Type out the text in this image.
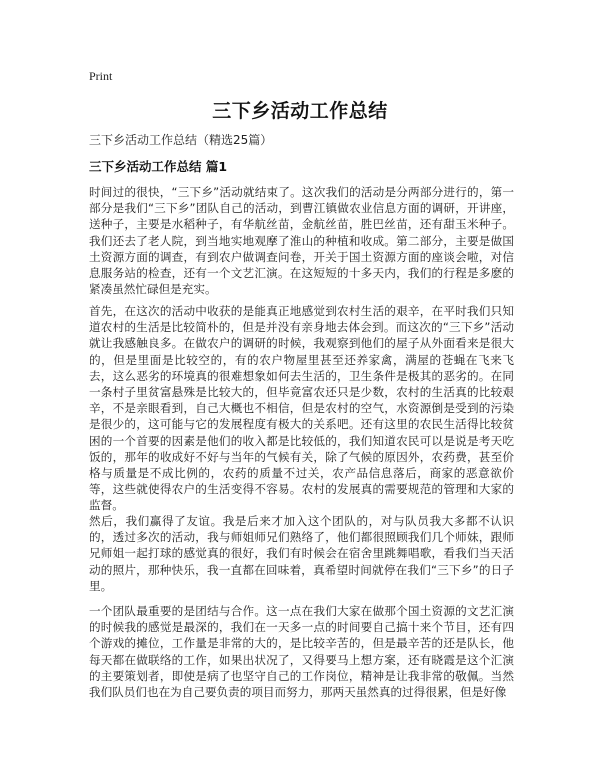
Print
三下乡活动工作总结

三下乡活动工作总结（精选25篇）

三下乡活动工作总结 篇1

时间过的很快，“三下乡”活动就结束了。这次我们的活动是分两部分进行的，第一部分是我们“三下乡”团队自己的活动，到曹江镇做农业信息方面的调研，开讲座，送种子，主要是水稻种子，有华航丝苗，金航丝苗，胜巴丝苗，还有甜玉米种子。我们还去了老人院，到当地实地观摩了淮山的种植和收成。第二部分，主要是做国土资源方面的调查，有到农户做调查问卷，开关于国土资源方面的座谈会啦，对信息服务站的检查，还有一个文艺汇演。在这短短的十多天内，我们的行程是多麽的紧凑虽然忙碌但是充实。

首先，在这次的活动中收获的是能真正地感觉到农村生活的艰辛，在平时我们只知道农村的生活是比较简朴的，但是并没有亲身地去体会到。而这次的“三下乡”活动就让我感触良多。在做农户的调研的时候，我观察到他们的屋子从外面看来是很大的，但是里面是比较空的，有的农户物屋里甚至还养家禽，满屋的苍蝇在飞来飞去，这么恶劣的环境真的很难想象如何去生活的，卫生条件是极其的恶劣的。在同一条村子里贫富悬殊是比较大的，但毕竟富农还只是少数，农村的生活真的比较艰辛，不是亲眼看到，自己大概也不相信，但是农村的空气，水资源倒是受到的污染是很少的，这可能与它的发展程度有极大的关系吧。还有这里的农民生活得比较贫困的一个首要的因素是他们的收入都是比较低的，我们知道农民可以是说是考天吃饭的，那年的收成好不好与当年的气候有关，除了气候的原因外，农药费，甚至价格与质量是不成比例的，农药的质量不过关，农产品信息落后，商家的恶意欲价等，这些就使得农户的生活变得不容易。农村的发展真的需要规范的管理和大家的监督。

然后，我们赢得了友谊。我是后来才加入这个团队的，对与队员我大多都不认识的，透过多次的活动，我与师姐师兄们熟络了，他们都很照顾我们几个师妹，跟师兄师姐一起打球的感觉真的很好，我们有时候会在宿舍里跳舞唱歌，看我们当天活动的照片，那种快乐，我一直都在回味着，真希望时间就停在我们“三下乡”的日子里。

一个团队最重要的是团结与合作。这一点在我们大家在做那个国土资源的文艺汇演的时候我的感觉是最深的，我们在一天多一点的时间要自己搞十来个节目，还有四个游戏的摊位，工作量是非常的大的，是比较辛苦的，但是最辛苦的还是队长，他每天都在做联络的工作，如果出状况了，又得要马上想方案，还有晓霞是这个汇演的主要策划者，即使是病了也坚守自己的工作岗位，精神是让我非常的敬佩。当然我们队员们也在为自己要负责的项目而努力，那两天虽然真的过得很累，但是好像
